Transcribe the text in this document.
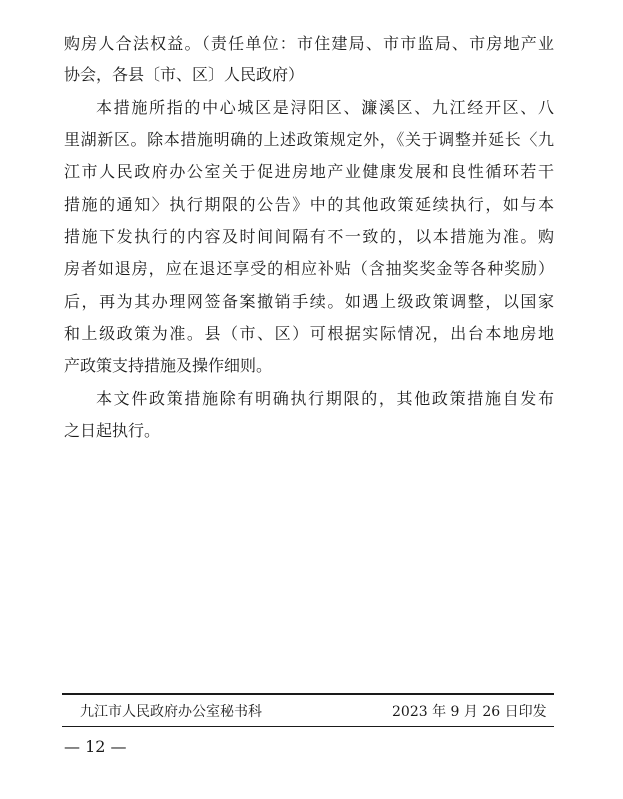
购房人合法权益。（责任单位：市住建局、市市监局、市房地产业
协会，各县〔市、区〕人民政府）
本措施所指的中心城区是浔阳区、濂溪区、九江经开区、八
里湖新区。除本措施明确的上述政策规定外，《关于调整并延长〈九
江市人民政府办公室关于促进房地产业健康发展和良性循环若干
措施的通知〉执行期限的公告》中的其他政策延续执行，如与本
措施下发执行的内容及时间间隔有不一致的，以本措施为准。购
房者如退房，应在退还享受的相应补贴（含抽奖奖金等各种奖励）
后，再为其办理网签备案撤销手续。如遇上级政策调整，以国家
和上级政策为准。县（市、区）可根据实际情况，出台本地房地
产政策支持措施及操作细则。
本文件政策措施除有明确执行期限的，其他政策措施自发布
之日起执行。
九江市人民政府办公室秘书科	2023 年 9 月 26 日印发
— 12 —
